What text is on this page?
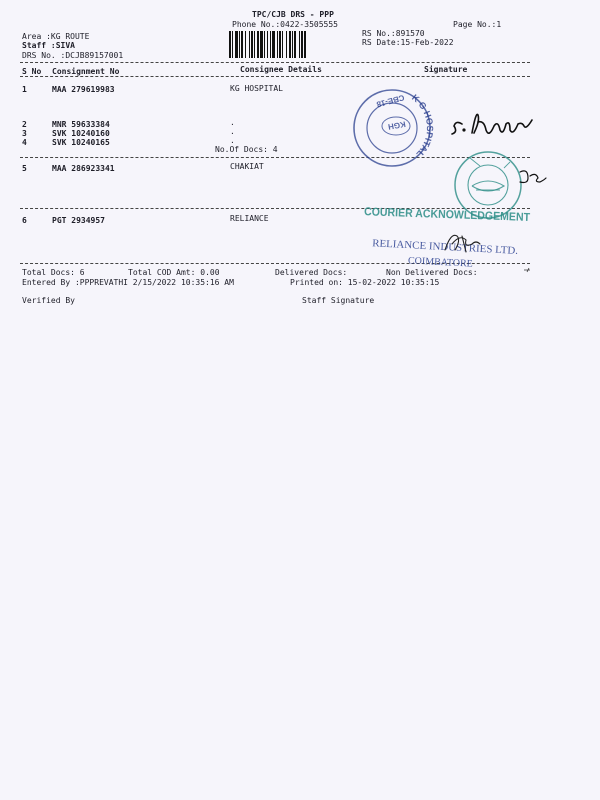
TPC/CJB DRS - PPP
Phone No.:0422-3505555	Page No.:1
RS No.:891570
RS Date:15-Feb-2022
Area :KG ROUTE
Staff :SIVA
DRS No. :DCJB89157001
S No Consignment No	Consignee Details	Signature
1	MAA 279619983	KG HOSPITAL
2	MNR 59633384	.
3	SVK 10240160	.
4	SVK 10240165	.
No.Of Docs: 4
5	MAA 286923341	CHAKIAT
6	PGT 2934957	RELIANCE
Total Docs: 6	Total COD Amt: 0.00	Delivered Docs:	Non Delivered Docs:
Entered By :PPPREVATHI 2/15/2022 10:35:16 AM	Printed on: 15-02-2022 10:35:15
Verified By	Staff Signature
K G HOSPITAL
CBE-18
KGH
COURIER ACKNOWLEDGEMENT
RELIANCE INDUSTRIES LTD.
COIMBATORE
